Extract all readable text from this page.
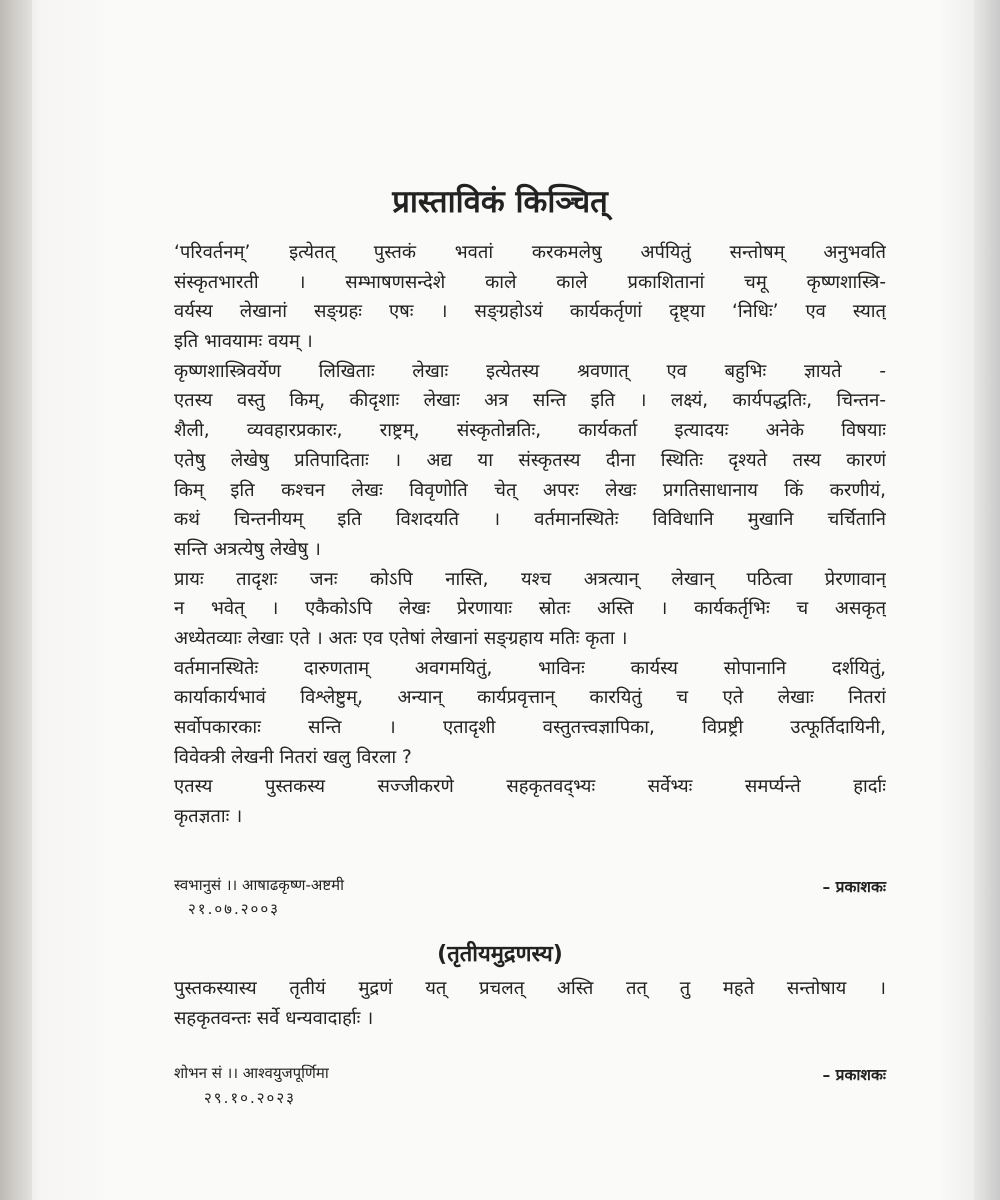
प्रास्ताविकं किञ्चित्
‘परिवर्तनम्’ इत्येतत् पुस्तकं भवतां करकमलेषु अर्पयितुं सन्तोषम् अनुभवति
संस्कृतभारती । सम्भाषणसन्देशे काले काले प्रकाशितानां चमू कृष्णशास्त्रि-
वर्यस्य लेखानां सङ्ग्रहः एषः । सङ्ग्रहोऽयं कार्यकर्तृणां दृष्ट्या ‘निधिः’ एव स्यात्
इति भावयामः वयम् ।
कृष्णशास्त्रिवर्येण लिखिताः लेखाः इत्येतस्य श्रवणात् एव बहुभिः ज्ञायते -
एतस्य वस्तु किम्, कीदृशाः लेखाः अत्र सन्ति इति । लक्ष्यं, कार्यपद्धतिः, चिन्तन-
शैली, व्यवहारप्रकारः, राष्ट्रम्, संस्कृतोन्नतिः, कार्यकर्ता इत्यादयः अनेके विषयाः
एतेषु लेखेषु प्रतिपादिताः । अद्य या संस्कृतस्य दीना स्थितिः दृश्यते तस्य कारणं
किम् इति कश्चन लेखः विवृणोति चेत् अपरः लेखः प्रगतिसाधानाय किं करणीयं,
कथं चिन्तनीयम् इति विशदयति । वर्तमानस्थितेः विविधानि मुखानि चर्चितानि
सन्ति अत्रत्येषु लेखेषु ।
प्रायः तादृशः जनः कोऽपि नास्ति, यश्च अत्रत्यान् लेखान् पठित्वा प्रेरणावान्
न भवेत् । एकैकोऽपि लेखः प्रेरणायाः स्रोतः अस्ति । कार्यकर्तृभिः च असकृत्
अध्येतव्याः लेखाः एते । अतः एव एतेषां लेखानां सङ्ग्रहाय मतिः कृता ।
वर्तमानस्थितेः दारुणताम् अवगमयितुं, भाविनः कार्यस्य सोपानानि दर्शयितुं,
कार्याकार्यभावं विश्लेष्टुम्, अन्यान् कार्यप्रवृत्तान् कारयितुं च एते लेखाः नितरां
सर्वोपकारकाः सन्ति । एतादृशी वस्तुतत्त्वज्ञापिका, विप्रष्ट्री उत्फूर्तिदायिनी,
विवेक्त्री लेखनी नितरां खलु विरला ?
एतस्य पुस्तकस्य सज्जीकरणे सहकृतवद्भ्यः सर्वेभ्यः समर्प्यन्ते हार्दाः
कृतज्ञताः ।
स्वभानुसं ।। आषाढकृष्ण-अष्टमी	– प्रकाशकः
२१.०७.२००३
(तृतीयमुद्रणस्य)
पुस्तकस्यास्य तृतीयं मुद्रणं यत् प्रचलत् अस्ति तत् तु महते सन्तोषाय ।
सहकृतवन्तः सर्वे धन्यवादार्हाः ।
शोभन सं ।। आश्वयुजपूर्णिमा	– प्रकाशकः
२९.१०.२०२३
